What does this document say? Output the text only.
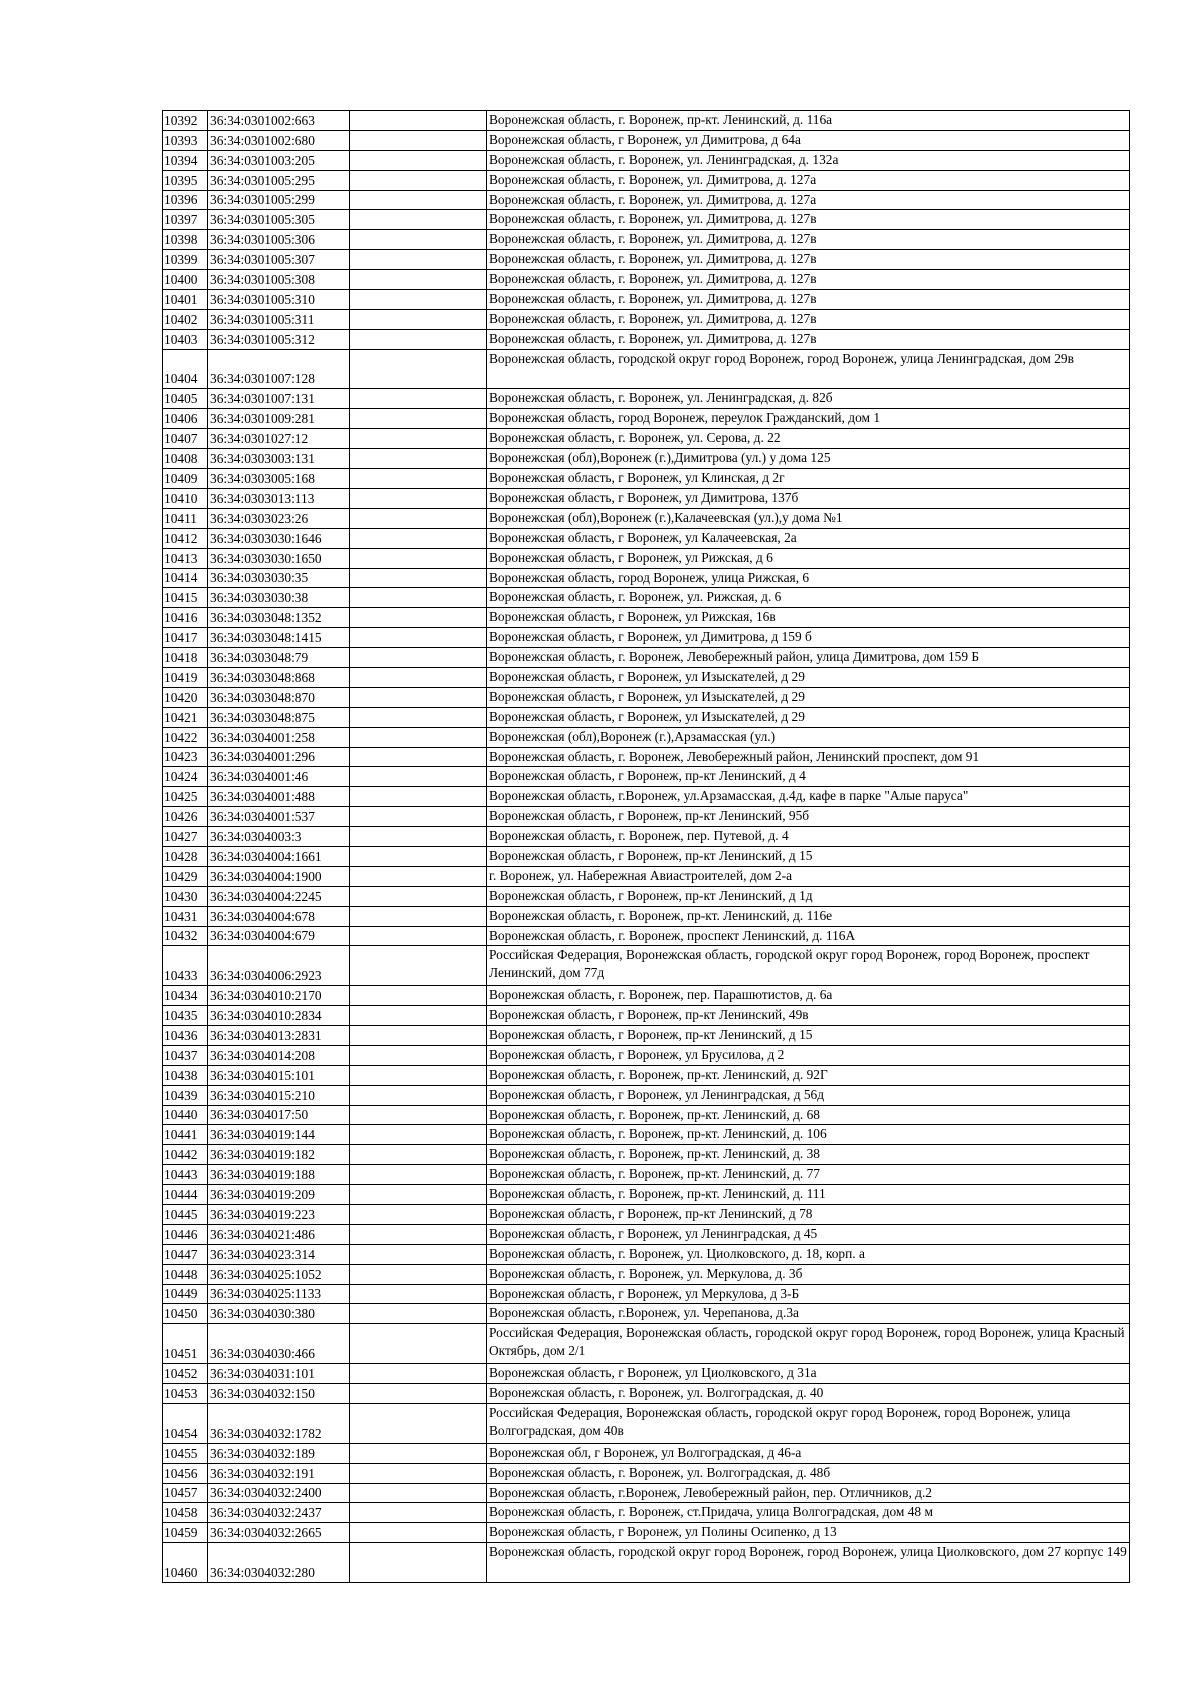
10392	36:34:0301002:663		Воронежская область, г. Воронеж, пр-кт. Ленинский, д. 116а
10393	36:34:0301002:680		Воронежская область, г Воронеж, ул Димитрова, д 64а
10394	36:34:0301003:205		Воронежская область, г. Воронеж, ул. Ленинградская, д. 132а
10395	36:34:0301005:295		Воронежская область, г. Воронеж, ул. Димитрова, д. 127а
10396	36:34:0301005:299		Воронежская область, г. Воронеж, ул. Димитрова, д. 127а
10397	36:34:0301005:305		Воронежская область, г. Воронеж, ул. Димитрова, д. 127в
10398	36:34:0301005:306		Воронежская область, г. Воронеж, ул. Димитрова, д. 127в
10399	36:34:0301005:307		Воронежская область, г. Воронеж, ул. Димитрова, д. 127в
10400	36:34:0301005:308		Воронежская область, г. Воронеж, ул. Димитрова, д. 127в
10401	36:34:0301005:310		Воронежская область, г. Воронеж, ул. Димитрова, д. 127в
10402	36:34:0301005:311		Воронежская область, г. Воронеж, ул. Димитрова, д. 127в
10403	36:34:0301005:312		Воронежская область, г. Воронеж, ул. Димитрова, д. 127в
10404	36:34:0301007:128		Воронежская область, городской округ город Воронеж, город Воронеж, улица Ленинградская, дом 29в
10405	36:34:0301007:131		Воронежская область, г. Воронеж, ул. Ленинградская, д. 82б
10406	36:34:0301009:281		Воронежская область, город Воронеж, переулок Гражданский, дом 1
10407	36:34:0301027:12		Воронежская область, г. Воронеж, ул. Серова, д. 22
10408	36:34:0303003:131		Воронежская (обл),Воронеж (г.),Димитрова (ул.) у дома 125
10409	36:34:0303005:168		Воронежская область, г Воронеж, ул Клинская, д 2г
10410	36:34:0303013:113		Воронежская область, г Воронеж, ул Димитрова, 137б
10411	36:34:0303023:26		Воронежская (обл),Воронеж (г.),Калачеевская (ул.),у дома №1
10412	36:34:0303030:1646		Воронежская область, г Воронеж, ул Калачеевская, 2а
10413	36:34:0303030:1650		Воронежская область, г Воронеж, ул Рижская, д 6
10414	36:34:0303030:35		Воронежская область, город Воронеж, улица Рижская, 6
10415	36:34:0303030:38		Воронежская область, г. Воронеж, ул. Рижская, д. 6
10416	36:34:0303048:1352		Воронежская область, г Воронеж, ул Рижская, 16в
10417	36:34:0303048:1415		Воронежская область, г Воронеж, ул Димитрова, д 159 б
10418	36:34:0303048:79		Воронежская область, г. Воронеж, Левобережный район, улица Димитрова, дом 159 Б
10419	36:34:0303048:868		Воронежская область, г Воронеж, ул Изыскателей, д 29
10420	36:34:0303048:870		Воронежская область, г Воронеж, ул Изыскателей, д 29
10421	36:34:0303048:875		Воронежская область, г Воронеж, ул Изыскателей, д 29
10422	36:34:0304001:258		Воронежская (обл),Воронеж (г.),Арзамасская (ул.)
10423	36:34:0304001:296		Воронежская область, г. Воронеж, Левобережный район, Ленинский проспект, дом 91
10424	36:34:0304001:46		Воронежская область, г Воронеж, пр-кт Ленинский, д 4
10425	36:34:0304001:488		Воронежская область, г.Воронеж, ул.Арзамасская, д.4д, кафе в парке "Алые паруса"
10426	36:34:0304001:537		Воронежская область, г Воронеж, пр-кт Ленинский, 95б
10427	36:34:0304003:3		Воронежская область, г. Воронеж, пер. Путевой, д. 4
10428	36:34:0304004:1661		Воронежская область, г Воронеж, пр-кт Ленинский, д 15
10429	36:34:0304004:1900		г. Воронеж, ул. Набережная Авиастроителей, дом 2-а
10430	36:34:0304004:2245		Воронежская область, г Воронеж, пр-кт Ленинский, д 1д
10431	36:34:0304004:678		Воронежская область, г. Воронеж, пр-кт. Ленинский, д. 116е
10432	36:34:0304004:679		Воронежская область, г. Воронеж, проспект Ленинский, д. 116А
10433	36:34:0304006:2923		Российская Федерация, Воронежская область, городской округ город Воронеж, город Воронеж, проспект Ленинский, дом 77д
10434	36:34:0304010:2170		Воронежская область, г. Воронеж, пер. Парашютистов, д. 6а
10435	36:34:0304010:2834		Воронежская область, г Воронеж, пр-кт Ленинский, 49в
10436	36:34:0304013:2831		Воронежская область, г Воронеж, пр-кт Ленинский, д 15
10437	36:34:0304014:208		Воронежская область, г Воронеж, ул Брусилова, д 2
10438	36:34:0304015:101		Воронежская область, г. Воронеж, пр-кт. Ленинский, д. 92Г
10439	36:34:0304015:210		Воронежская область, г Воронеж, ул Ленинградская, д 56д
10440	36:34:0304017:50		Воронежская область, г. Воронеж, пр-кт. Ленинский, д. 68
10441	36:34:0304019:144		Воронежская область, г. Воронеж, пр-кт. Ленинский, д. 106
10442	36:34:0304019:182		Воронежская область, г. Воронеж, пр-кт. Ленинский, д. 38
10443	36:34:0304019:188		Воронежская область, г. Воронеж, пр-кт. Ленинский, д. 77
10444	36:34:0304019:209		Воронежская область, г. Воронеж, пр-кт. Ленинский, д. 111
10445	36:34:0304019:223		Воронежская область, г Воронеж, пр-кт Ленинский, д 78
10446	36:34:0304021:486		Воронежская область, г Воронеж, ул Ленинградская, д 45
10447	36:34:0304023:314		Воронежская область, г. Воронеж, ул. Циолковского, д. 18, корп. а
10448	36:34:0304025:1052		Воронежская область, г. Воронеж, ул. Меркулова, д. 3б
10449	36:34:0304025:1133		Воронежская область, г Воронеж, ул Меркулова, д 3-Б
10450	36:34:0304030:380		Воронежская область, г.Воронеж, ул. Черепанова, д.3а
10451	36:34:0304030:466		Российская Федерация, Воронежская область, городской округ город Воронеж, город Воронеж, улица Красный Октябрь, дом 2/1
10452	36:34:0304031:101		Воронежская область, г Воронеж, ул Циолковского, д 31а
10453	36:34:0304032:150		Воронежская область, г. Воронеж, ул. Волгоградская, д. 40
10454	36:34:0304032:1782		Российская Федерация, Воронежская область, городской округ город Воронеж, город Воронеж, улица Волгоградская, дом 40в
10455	36:34:0304032:189		Воронежская обл, г Воронеж, ул Волгоградская, д 46-а
10456	36:34:0304032:191		Воронежская область, г. Воронеж, ул. Волгоградская, д. 48б
10457	36:34:0304032:2400		Воронежская область, г.Воронеж, Левобережный район, пер. Отличников, д.2
10458	36:34:0304032:2437		Воронежская область, г. Воронеж, ст.Придача, улица Волгоградская, дом 48 м
10459	36:34:0304032:2665		Воронежская область, г Воронеж, ул Полины Осипенко, д 13
10460	36:34:0304032:280		Воронежская область, городской округ город Воронеж, город Воронеж, улица Циолковского, дом 27 корпус 149
